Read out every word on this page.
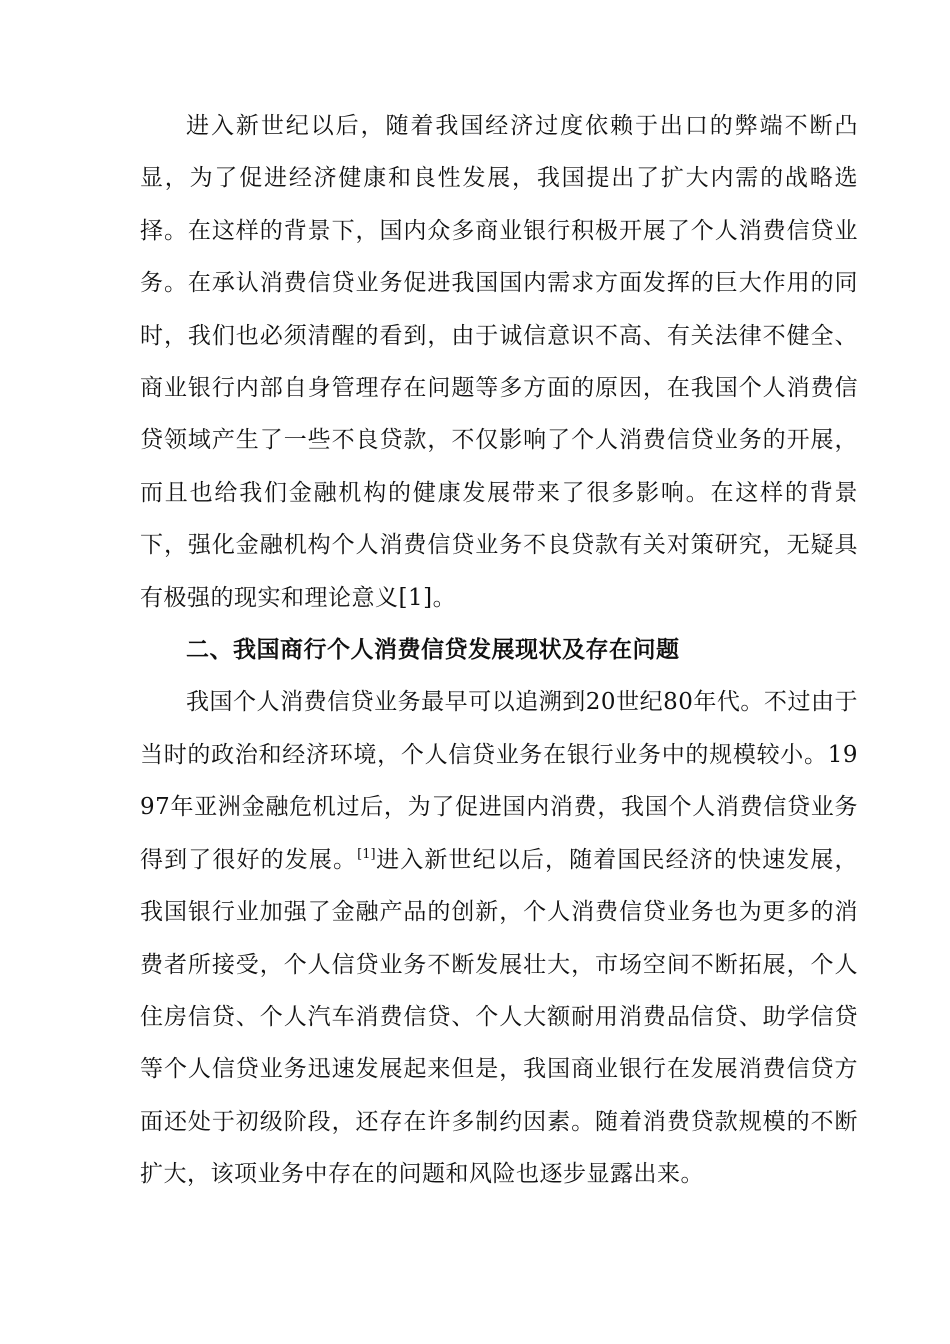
进入新世纪以后，随着我国经济过度依赖于出口的弊端不断凸显，为了促进经济健康和良性发展，我国提出了扩大内需的战略选择。在这样的背景下，国内众多商业银行积极开展了个人消费信贷业务。在承认消费信贷业务促进我国国内需求方面发挥的巨大作用的同时，我们也必须清醒的看到，由于诚信意识不高、有关法律不健全、商业银行内部自身管理存在问题等多方面的原因，在我国个人消费信贷领域产生了一些不良贷款，不仅影响了个人消费信贷业务的开展，而且也给我们金融机构的健康发展带来了很多影响。在这样的背景下，强化金融机构个人消费信贷业务不良贷款有关对策研究，无疑具有极强的现实和理论意义[1]。

二、我国商行个人消费信贷发展现状及存在问题

我国个人消费信贷业务最早可以追溯到20世纪80年代。不过由于当时的政治和经济环境，个人信贷业务在银行业务中的规模较小。1997年亚洲金融危机过后，为了促进国内消费，我国个人消费信贷业务得到了很好的发展。[1]进入新世纪以后，随着国民经济的快速发展，我国银行业加强了金融产品的创新，个人消费信贷业务也为更多的消费者所接受，个人信贷业务不断发展壮大，市场空间不断拓展，个人住房信贷、个人汽车消费信贷、个人大额耐用消费品信贷、助学信贷等个人信贷业务迅速发展起来但是，我国商业银行在发展消费信贷方面还处于初级阶段，还存在许多制约因素。随着消费贷款规模的不断扩大，该项业务中存在的问题和风险也逐步显露出来。
